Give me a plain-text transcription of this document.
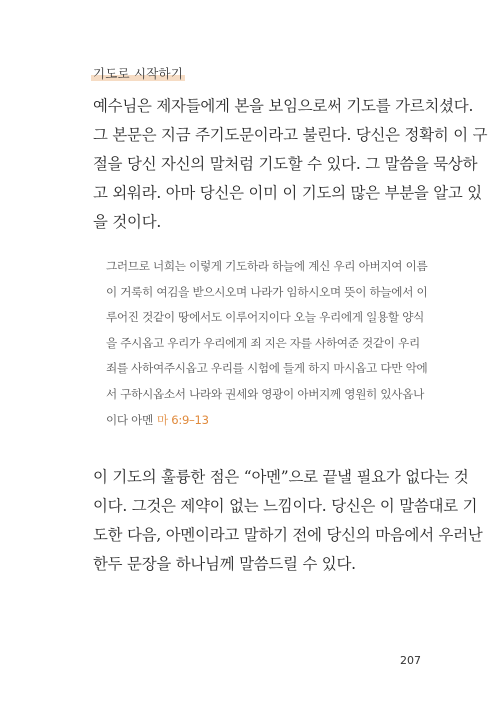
기도로 시작하기
예수님은 제자들에게 본을 보임으로써 기도를 가르치셨다.
그 본문은 지금 주기도문이라고 불린다. 당신은 정확히 이 구
절을 당신 자신의 말처럼 기도할 수 있다. 그 말씀을 묵상하
고 외워라. 아마 당신은 이미 이 기도의 많은 부분을 알고 있
을 것이다.
그러므로 너희는 이렇게 기도하라 하늘에 계신 우리 아버지여 이름
이 거룩히 여김을 받으시오며 나라가 임하시오며 뜻이 하늘에서 이
루어진 것같이 땅에서도 이루어지이다 오늘 우리에게 일용할 양식
을 주시옵고 우리가 우리에게 죄 지은 자를 사하여준 것같이 우리
죄를 사하여주시옵고 우리를 시험에 들게 하지 마시옵고 다만 악에
서 구하시옵소서 나라와 권세와 영광이 아버지께 영원히 있사옵나
이다 아멘 마 6:9–13
이 기도의 훌륭한 점은 “아멘”으로 끝낼 필요가 없다는 것
이다. 그것은 제약이 없는 느낌이다. 당신은 이 말씀대로 기
도한 다음, 아멘이라고 말하기 전에 당신의 마음에서 우러난
한두 문장을 하나님께 말씀드릴 수 있다.
207
